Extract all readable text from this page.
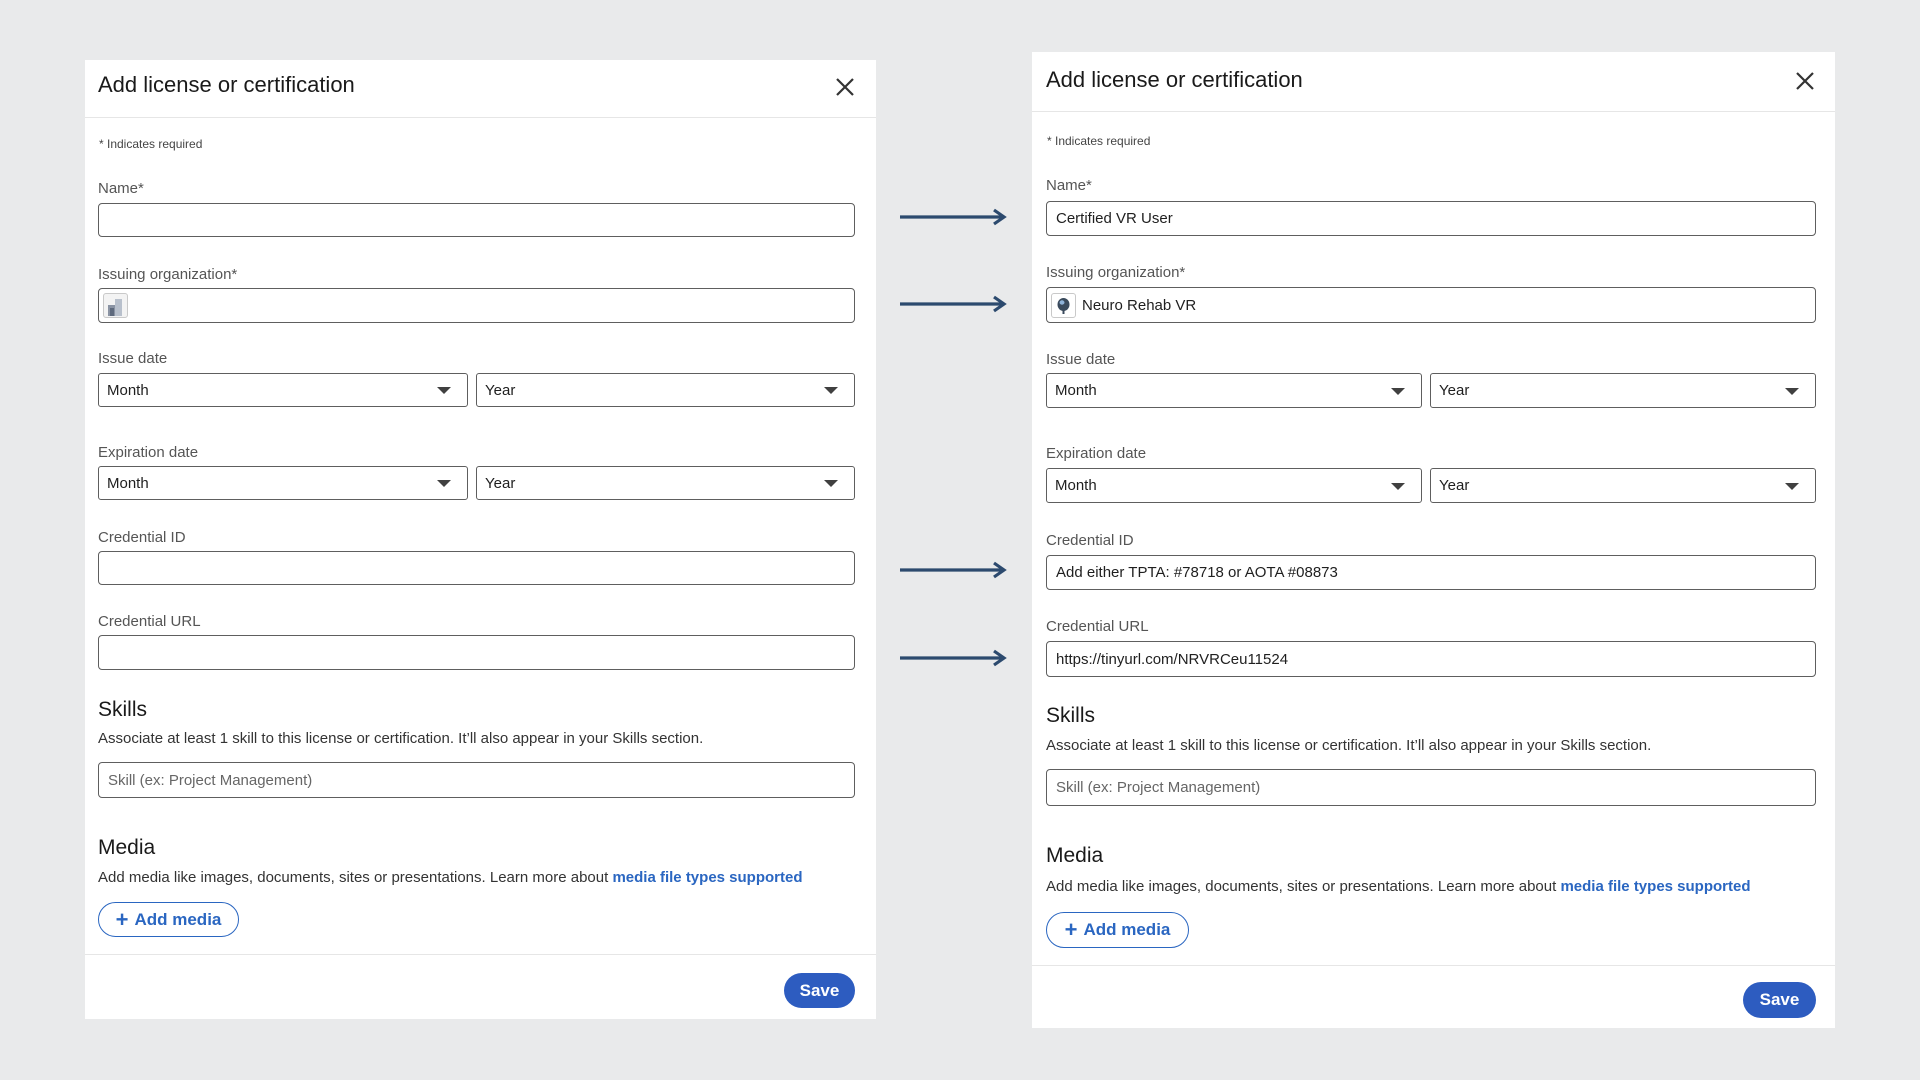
Add license or certification
* Indicates required
Name*
Issuing organization*
Issue date
Month	Year
Expiration date
Month	Year
Credential ID
Credential URL
Skills
Associate at least 1 skill to this license or certification. It’ll also appear in your Skills section.
Skill (ex: Project Management)
Media
Add media like images, documents, sites or presentations. Learn more about media file types supported
+ Add media
Save
Add license or certification
* Indicates required
Name*
Certified VR User
Issuing organization*
Neuro Rehab VR
Issue date
Month	Year
Expiration date
Month	Year
Credential ID
Add either TPTA: #78718 or AOTA #08873
Credential URL
https://tinyurl.com/NRVRCeu11524
Skills
Associate at least 1 skill to this license or certification. It’ll also appear in your Skills section.
Skill (ex: Project Management)
Media
Add media like images, documents, sites or presentations. Learn more about media file types supported
+ Add media
Save
